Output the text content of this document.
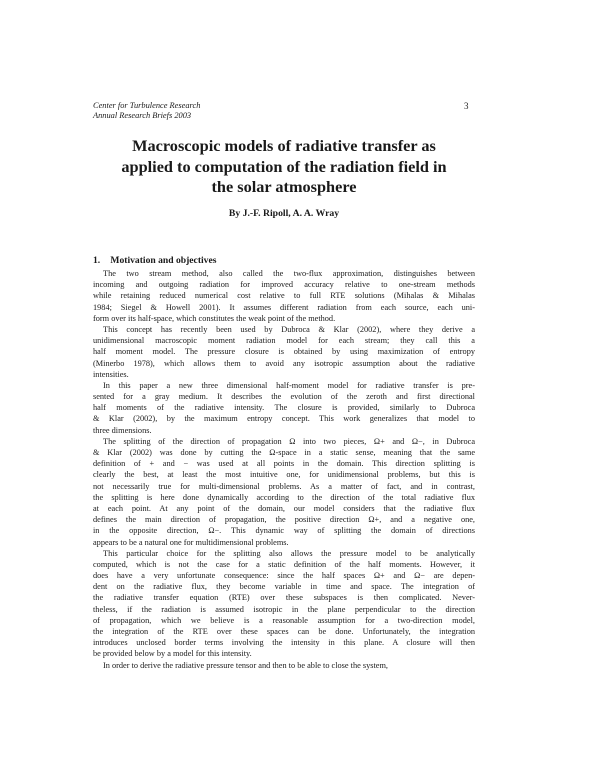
Center for Turbulence Research
Annual Research Briefs 2003
3
Macroscopic models of radiative transfer as
applied to computation of the radiation field in
the solar atmosphere
By J.-F. Ripoll, A. A. Wray
1. Motivation and objectives
The two stream method, also called the two-flux approximation, distinguishes between
incoming and outgoing radiation for improved accuracy relative to one-stream methods
while retaining reduced numerical cost relative to full RTE solutions (Mihalas & Mihalas
1984; Siegel & Howell 2001). It assumes different radiation from each source, each uni-
form over its half-space, which constitutes the weak point of the method.
This concept has recently been used by Dubroca & Klar (2002), where they derive a
unidimensional macroscopic moment radiation model for each stream; they call this a
half moment model. The pressure closure is obtained by using maximization of entropy
(Minerbo 1978), which allows them to avoid any isotropic assumption about the radiative
intensities.
In this paper a new three dimensional half-moment model for radiative transfer is pre-
sented for a gray medium. It describes the evolution of the zeroth and first directional
half moments of the radiative intensity. The closure is provided, similarly to Dubroca
& Klar (2002), by the maximum entropy concept. This work generalizes that model to
three dimensions.
The splitting of the direction of propagation Ω into two pieces, Ω+ and Ω−, in Dubroca
& Klar (2002) was done by cutting the Ω-space in a static sense, meaning that the same
definition of + and − was used at all points in the domain. This direction splitting is
clearly the best, at least the most intuitive one, for unidimensional problems, but this is
not necessarily true for multi-dimensional problems. As a matter of fact, and in contrast,
the splitting is here done dynamically according to the direction of the total radiative flux
at each point. At any point of the domain, our model considers that the radiative flux
defines the main direction of propagation, the positive direction Ω+, and a negative one,
in the opposite direction, Ω−. This dynamic way of splitting the domain of directions
appears to be a natural one for multidimensional problems.
This particular choice for the splitting also allows the pressure model to be analytically
computed, which is not the case for a static definition of the half moments. However, it
does have a very unfortunate consequence: since the half spaces Ω+ and Ω− are depen-
dent on the radiative flux, they become variable in time and space. The integration of
the radiative transfer equation (RTE) over these subspaces is then complicated. Never-
theless, if the radiation is assumed isotropic in the plane perpendicular to the direction
of propagation, which we believe is a reasonable assumption for a two-direction model,
the integration of the RTE over these spaces can be done. Unfortunately, the integration
introduces unclosed border terms involving the intensity in this plane. A closure will then
be provided below by a model for this intensity.
In order to derive the radiative pressure tensor and then to be able to close the system,
